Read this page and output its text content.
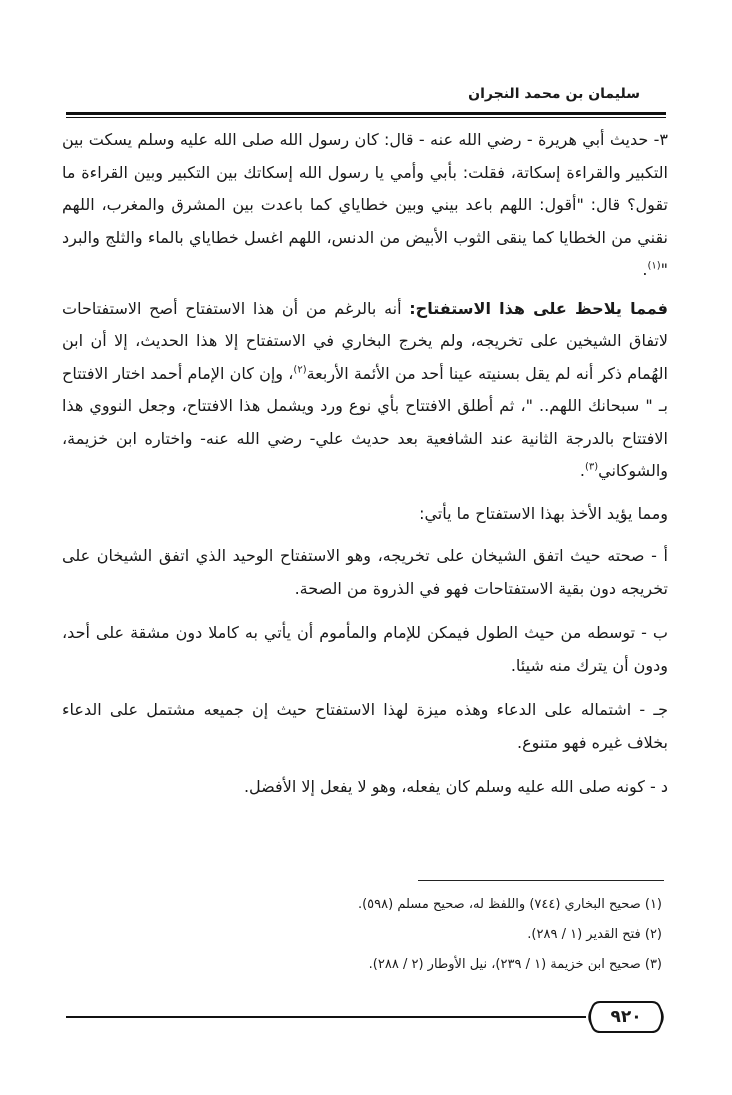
سليمان بن محمد النجران

٣- حديث أبي هريرة - رضي الله عنه - قال: كان رسول الله صلى الله عليه وسلم يسكت بين التكبير والقراءة إسكاتة، فقلت: بأبي وأمي يا رسول الله إسكاتك بين التكبير وبين القراءة ما تقول؟ قال: "أقول: اللهم باعد بيني وبين خطاياي كما باعدت بين المشرق والمغرب، اللهم نقني من الخطايا كما ينقى الثوب الأبيض من الدنس، اللهم اغسل خطاياي بالماء والثلج والبرد "$^{(١)}$.

فمما يلاحظ على هذا الاستفتاح: أنه بالرغم من أن هذا الاستفتاح أصح الاستفتاحات لاتفاق الشيخين على تخريجه، ولم يخرج البخاري في الاستفتاح إلا هذا الحديث، إلا أن ابن الهُمام ذكر أنه لم يقل بسنيته عينا أحد من الأئمة الأربعة$^{(٢)}$، وإن كان الإمام أحمد اختار الافتتاح بـ " سبحانك اللهم.. "، ثم أطلق الافتتاح بأي نوع ورد ويشمل هذا الافتتاح، وجعل النووي هذا الافتتاح بالدرجة الثانية عند الشافعية بعد حديث علي- رضي الله عنه- واختاره ابن خزيمة، والشوكاني$^{(٣)}$.

ومما يؤيد الأخذ بهذا الاستفتاح ما يأتي:

أ - صحته حيث اتفق الشيخان على تخريجه، وهو الاستفتاح الوحيد الذي اتفق الشيخان على تخريجه دون بقية الاستفتاحات فهو في الذروة من الصحة.

ب - توسطه من حيث الطول فيمكن للإمام والمأموم أن يأتي به كاملا دون مشقة على أحد، ودون أن يترك منه شيئا.

جـ - اشتماله على الدعاء وهذه ميزة لهذا الاستفتاح حيث إن جميعه مشتمل على الدعاء بخلاف غيره فهو متنوع.

د - كونه صلى الله عليه وسلم كان يفعله، وهو لا يفعل إلا الأفضل.

(١) صحيح البخاري (٧٤٤) واللفظ له، صحيح مسلم (٥٩٨).
(٢) فتح القدير (١ / ٢٨٩).
(٣) صحيح ابن خزيمة (١ / ٢٣٩)، نيل الأوطار (٢ / ٢٨٨).
٩٢٠
